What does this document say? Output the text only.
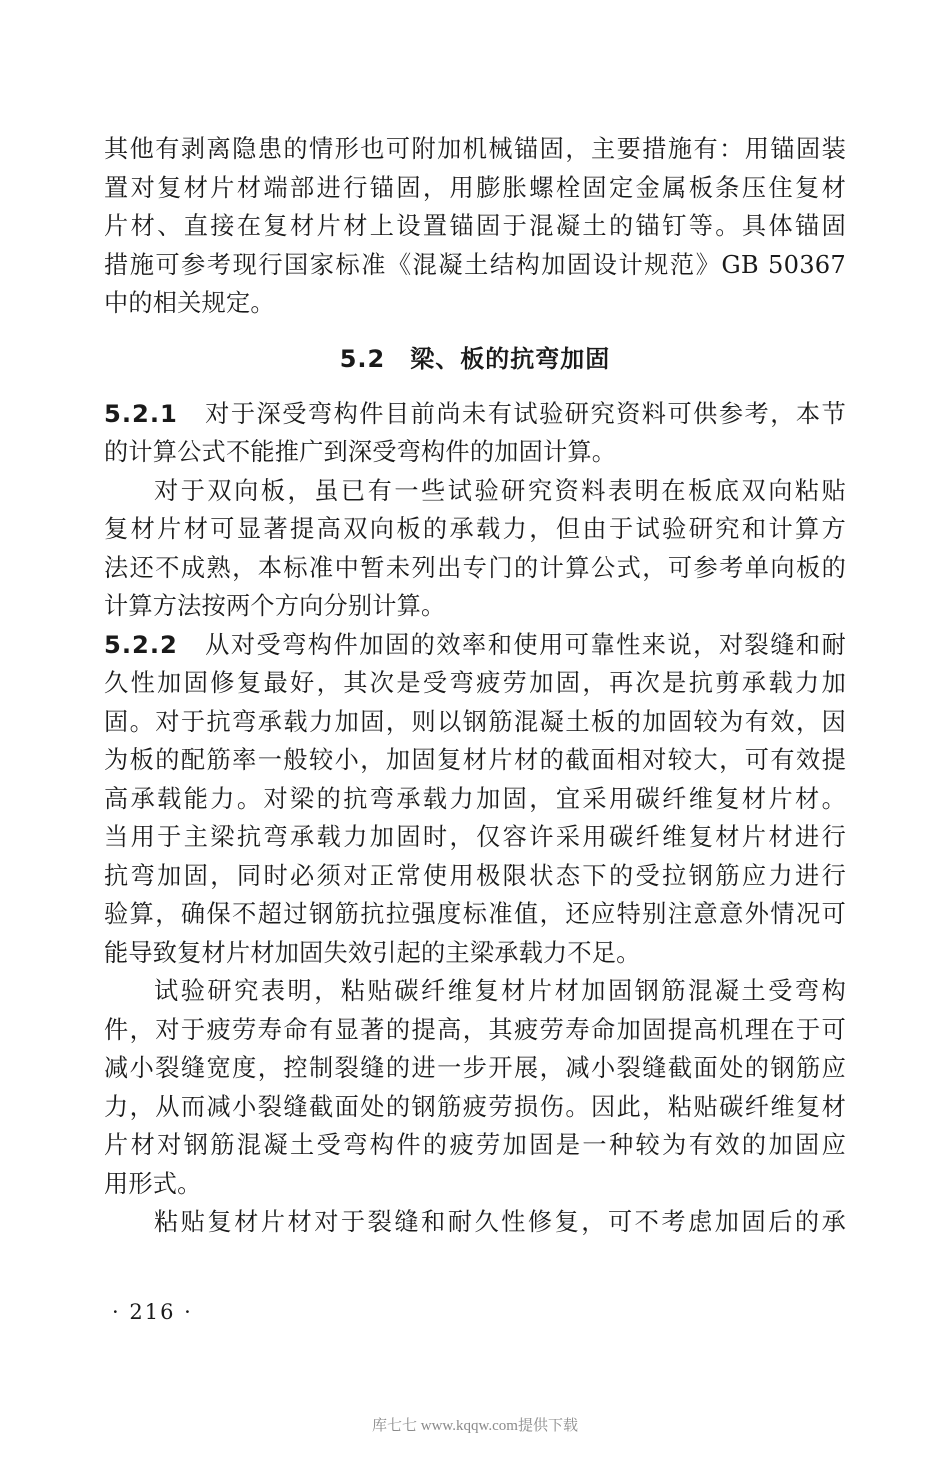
其他有剥离隐患的情形也可附加机械锚固，主要措施有：用锚固装
置对复材片材端部进行锚固，用膨胀螺栓固定金属板条压住复材
片材、直接在复材片材上设置锚固于混凝土的锚钉等。具体锚固
措施可参考现行国家标准《混凝土结构加固设计规范》GB 50367
中的相关规定。
5.2　梁、板的抗弯加固
5.2.1 对于深受弯构件目前尚未有试验研究资料可供参考，本节
的计算公式不能推广到深受弯构件的加固计算。
对于双向板，虽已有一些试验研究资料表明在板底双向粘贴
复材片材可显著提高双向板的承载力，但由于试验研究和计算方
法还不成熟，本标准中暂未列出专门的计算公式，可参考单向板的
计算方法按两个方向分别计算。
5.2.2 从对受弯构件加固的效率和使用可靠性来说，对裂缝和耐
久性加固修复最好，其次是受弯疲劳加固，再次是抗剪承载力加
固。对于抗弯承载力加固，则以钢筋混凝土板的加固较为有效，因
为板的配筋率一般较小，加固复材片材的截面相对较大，可有效提
高承载能力。对梁的抗弯承载力加固，宜采用碳纤维复材片材。
当用于主梁抗弯承载力加固时，仅容许采用碳纤维复材片材进行
抗弯加固，同时必须对正常使用极限状态下的受拉钢筋应力进行
验算，确保不超过钢筋抗拉强度标准值，还应特别注意意外情况可
能导致复材片材加固失效引起的主梁承载力不足。
试验研究表明，粘贴碳纤维复材片材加固钢筋混凝土受弯构
件，对于疲劳寿命有显著的提高，其疲劳寿命加固提高机理在于可
减小裂缝宽度，控制裂缝的进一步开展，减小裂缝截面处的钢筋应
力，从而减小裂缝截面处的钢筋疲劳损伤。因此，粘贴碳纤维复材
片材对钢筋混凝土受弯构件的疲劳加固是一种较为有效的加固应
用形式。
粘贴复材片材对于裂缝和耐久性修复，可不考虑加固后的承
· 216 ·
库七七 www.kqqw.com提供下载
